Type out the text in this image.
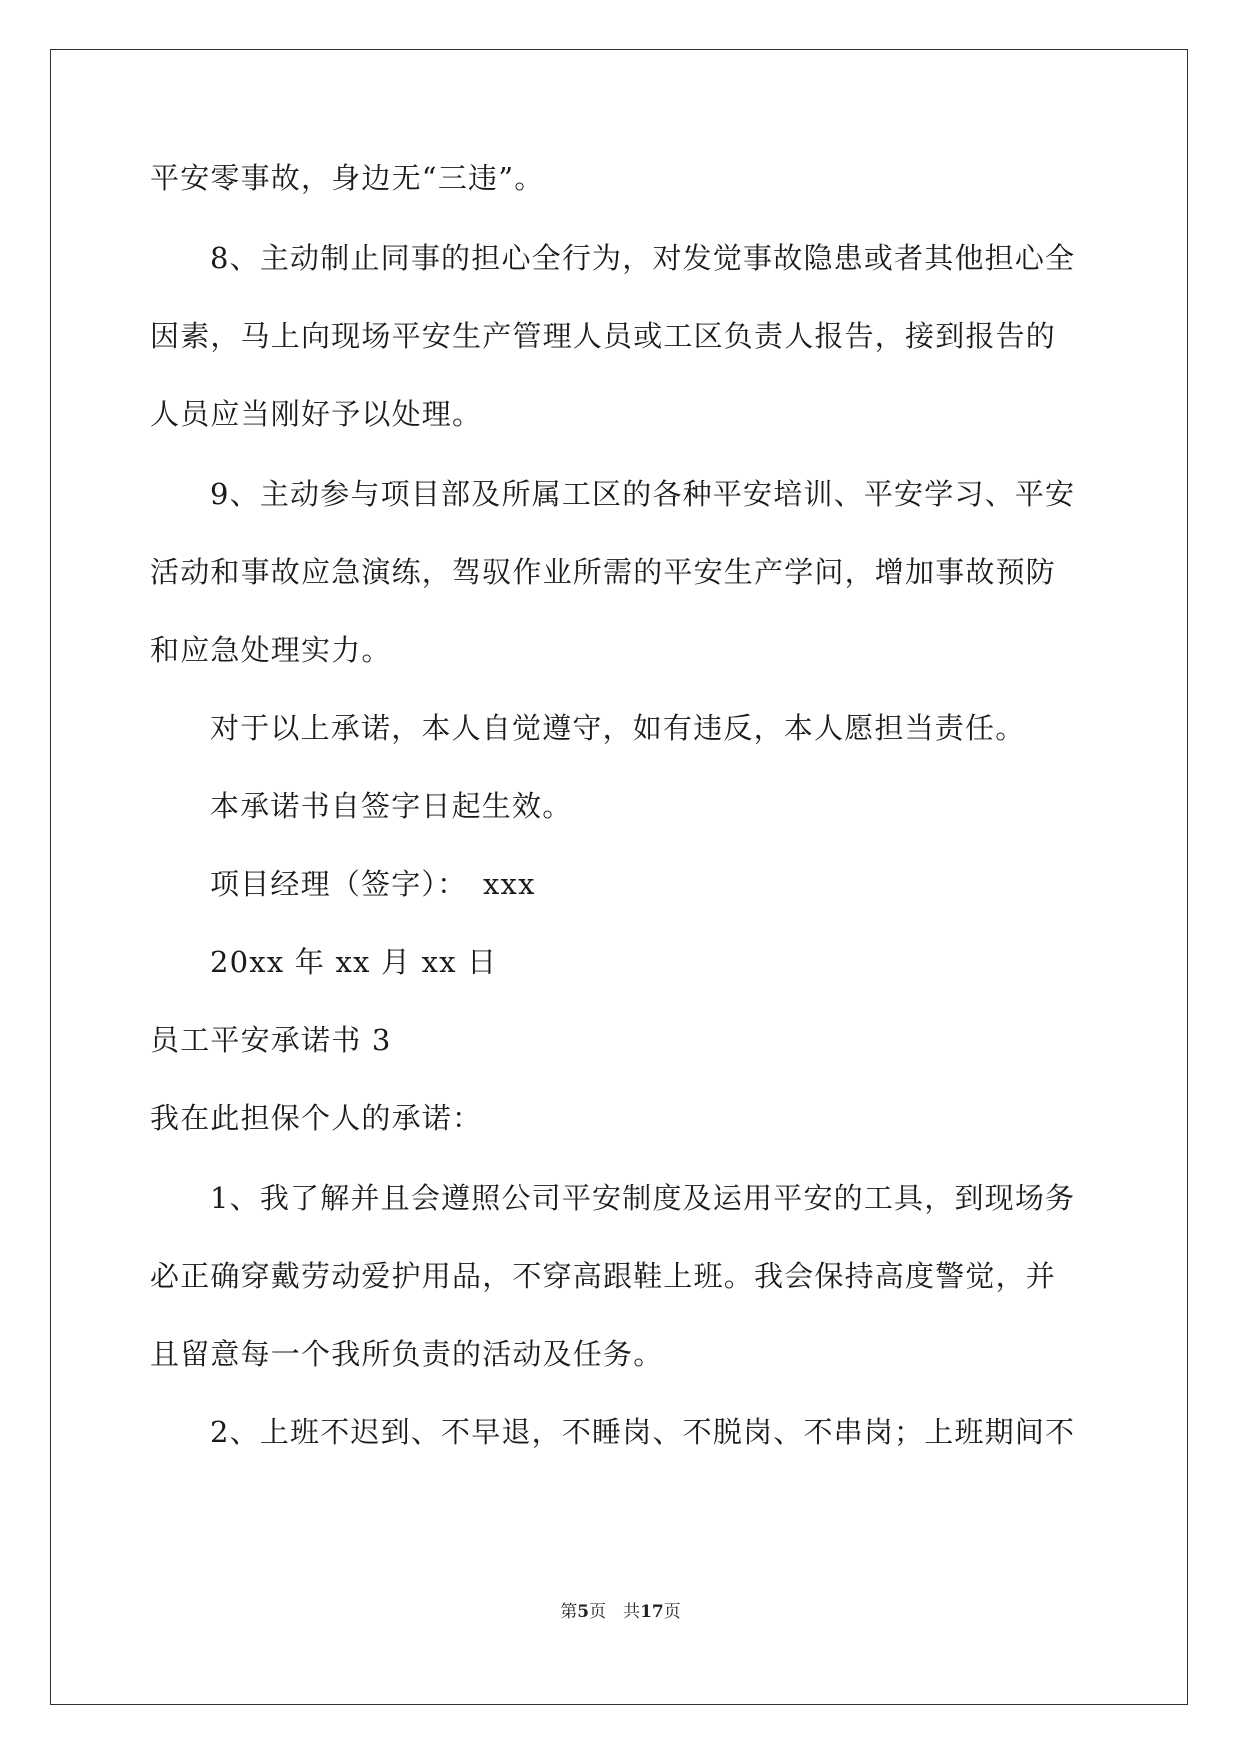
平安零事故，身边无“三违”。
8、主动制止同事的担心全行为，对发觉事故隐患或者其他担心全
因素，马上向现场平安生产管理人员或工区负责人报告，接到报告的
人员应当刚好予以处理。
9、主动参与项目部及所属工区的各种平安培训、平安学习、平安
活动和事故应急演练，驾驭作业所需的平安生产学问，增加事故预防
和应急处理实力。
对于以上承诺，本人自觉遵守，如有违反，本人愿担当责任。
本承诺书自签字日起生效。
项目经理（签字）：　xxx
20xx 年 xx 月 xx 日
员工平安承诺书 3
我在此担保个人的承诺：
1、我了解并且会遵照公司平安制度及运用平安的工具，到现场务
必正确穿戴劳动爱护用品，不穿高跟鞋上班。我会保持高度警觉，并
且留意每一个我所负责的活动及任务。
2、上班不迟到、不早退，不睡岗、不脱岗、不串岗；上班期间不
第5页　共17页
